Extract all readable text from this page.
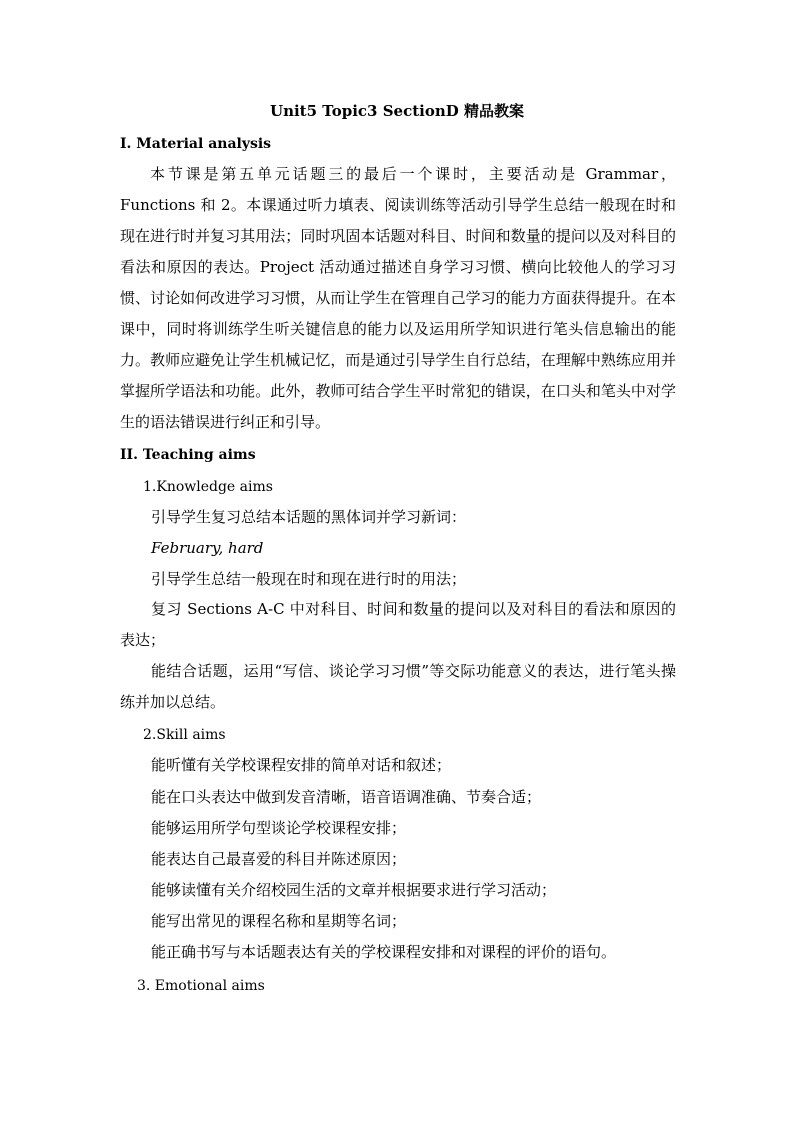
Unit5 Topic3 SectionD 精品教案
I. Material analysis

本节课是第五单元话题三的最后一个课时，主要活动是 Grammar，Functions 和 2。本课通过听力填表、阅读训练等活动引导学生总结一般现在时和现在进行时并复习其用法；同时巩固本话题对科目、时间和数量的提问以及对科目的看法和原因的表达。Project 活动通过描述自身学习习惯、横向比较他人的学习习惯、讨论如何改进学习习惯，从而让学生在管理自己学习的能力方面获得提升。在本课中，同时将训练学生听关键信息的能力以及运用所学知识进行笔头信息输出的能力。教师应避免让学生机械记忆，而是通过引导学生自行总结，在理解中熟练应用并掌握所学语法和功能。此外，教师可结合学生平时常犯的错误，在口头和笔头中对学生的语法错误进行纠正和引导。

II. Teaching aims
1.Knowledge aims
引导学生复习总结本话题的黑体词并学习新词：
February, hard
引导学生总结一般现在时和现在进行时的用法；

复习 Sections A-C 中对科目、时间和数量的提问以及对科目的看法和原因的表达；

能结合话题，运用“写信、谈论学习习惯”等交际功能意义的表达，进行笔头操练并加以总结。

2.Skill aims
能听懂有关学校课程安排的简单对话和叙述；
能在口头表达中做到发音清晰，语音语调准确、节奏合适；
能够运用所学句型谈论学校课程安排；
能表达自己最喜爱的科目并陈述原因；
能够读懂有关介绍校园生活的文章并根据要求进行学习活动；
能写出常见的课程名称和星期等名词；
能正确书写与本话题表达有关的学校课程安排和对课程的评价的语句。
3. Emotional aims
